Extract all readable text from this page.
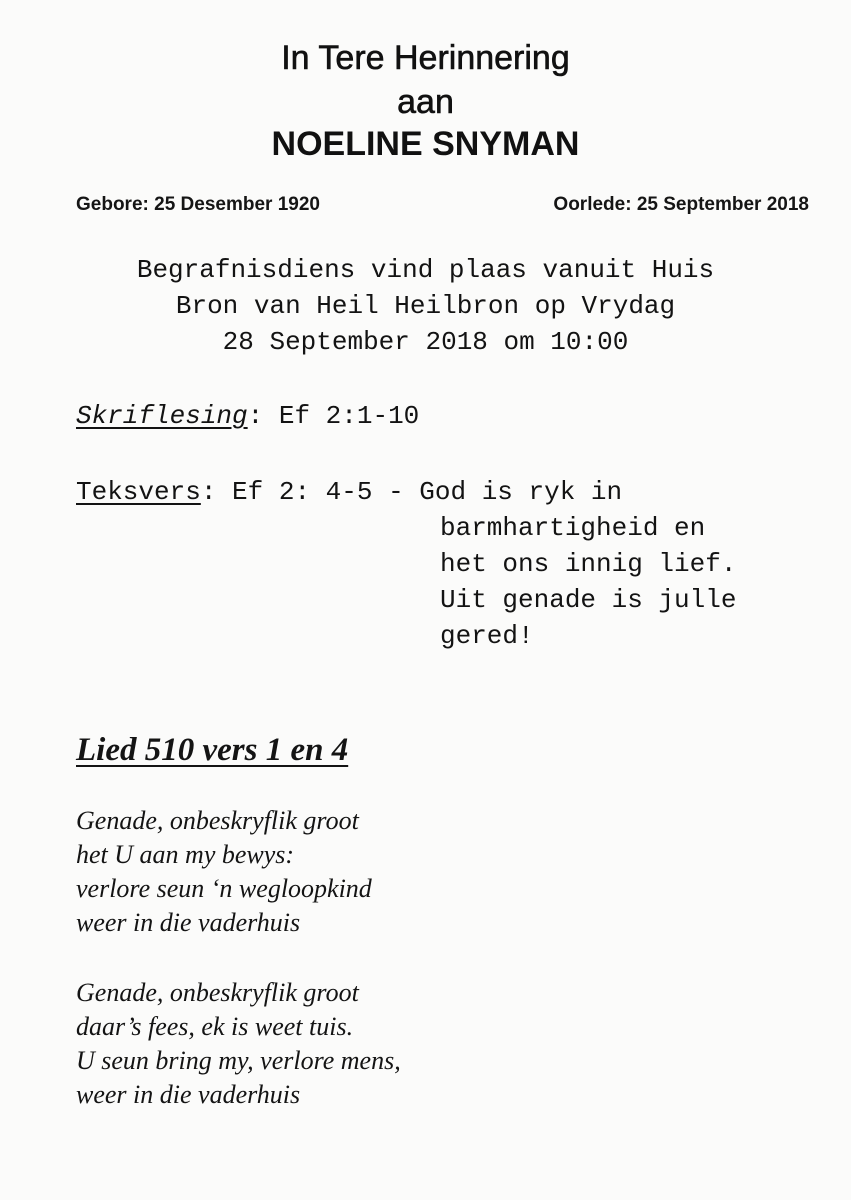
In Tere Herinnering
aan
NOELINE SNYMAN
Gebore: 25 Desember 1920	Oorlede: 25 September 2018

Begrafnisdiens vind plaas vanuit Huis
Bron van Heil Heilbron op Vrydag
28 September 2018 om 10:00

Skriflesing: Ef 2:1-10
Teksvers: Ef 2: 4-5 - God is ryk in
barmhartigheid en
het ons innig lief.
Uit genade is julle
gered!
Lied 510 vers 1 en 4

Genade, onbeskryflik groot
het U aan my bewys:
verlore seun ‘n wegloopkind
weer in die vaderhuis

Genade, onbeskryflik groot
daar’s fees, ek is weet tuis.
U seun bring my, verlore mens,
weer in die vaderhuis
